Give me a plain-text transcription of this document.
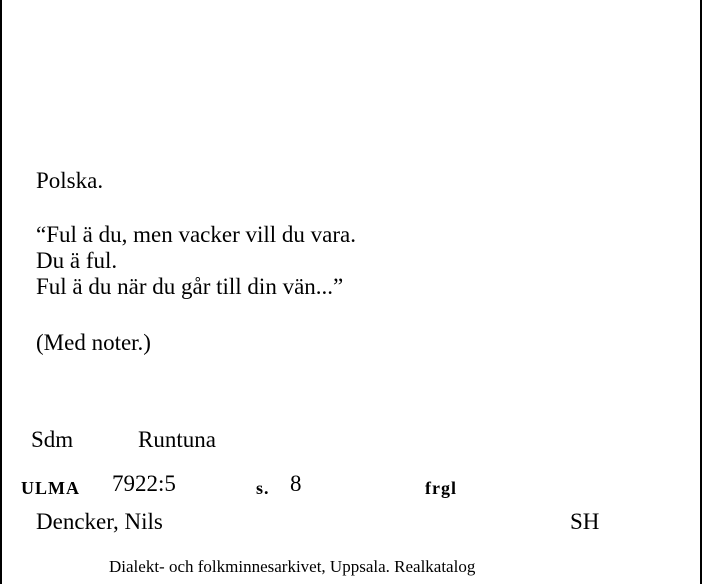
Polska.
“Ful ä du, men vacker vill du vara.
Du ä ful.
Ful ä du när du går till din vän...”
(Med noter.)
Sdm	Runtuna
ULMA 7922:5	s. 8	frgl
Dencker, Nils	SH
Dialekt- och folkminnesarkivet, Uppsala. Realkatalog
